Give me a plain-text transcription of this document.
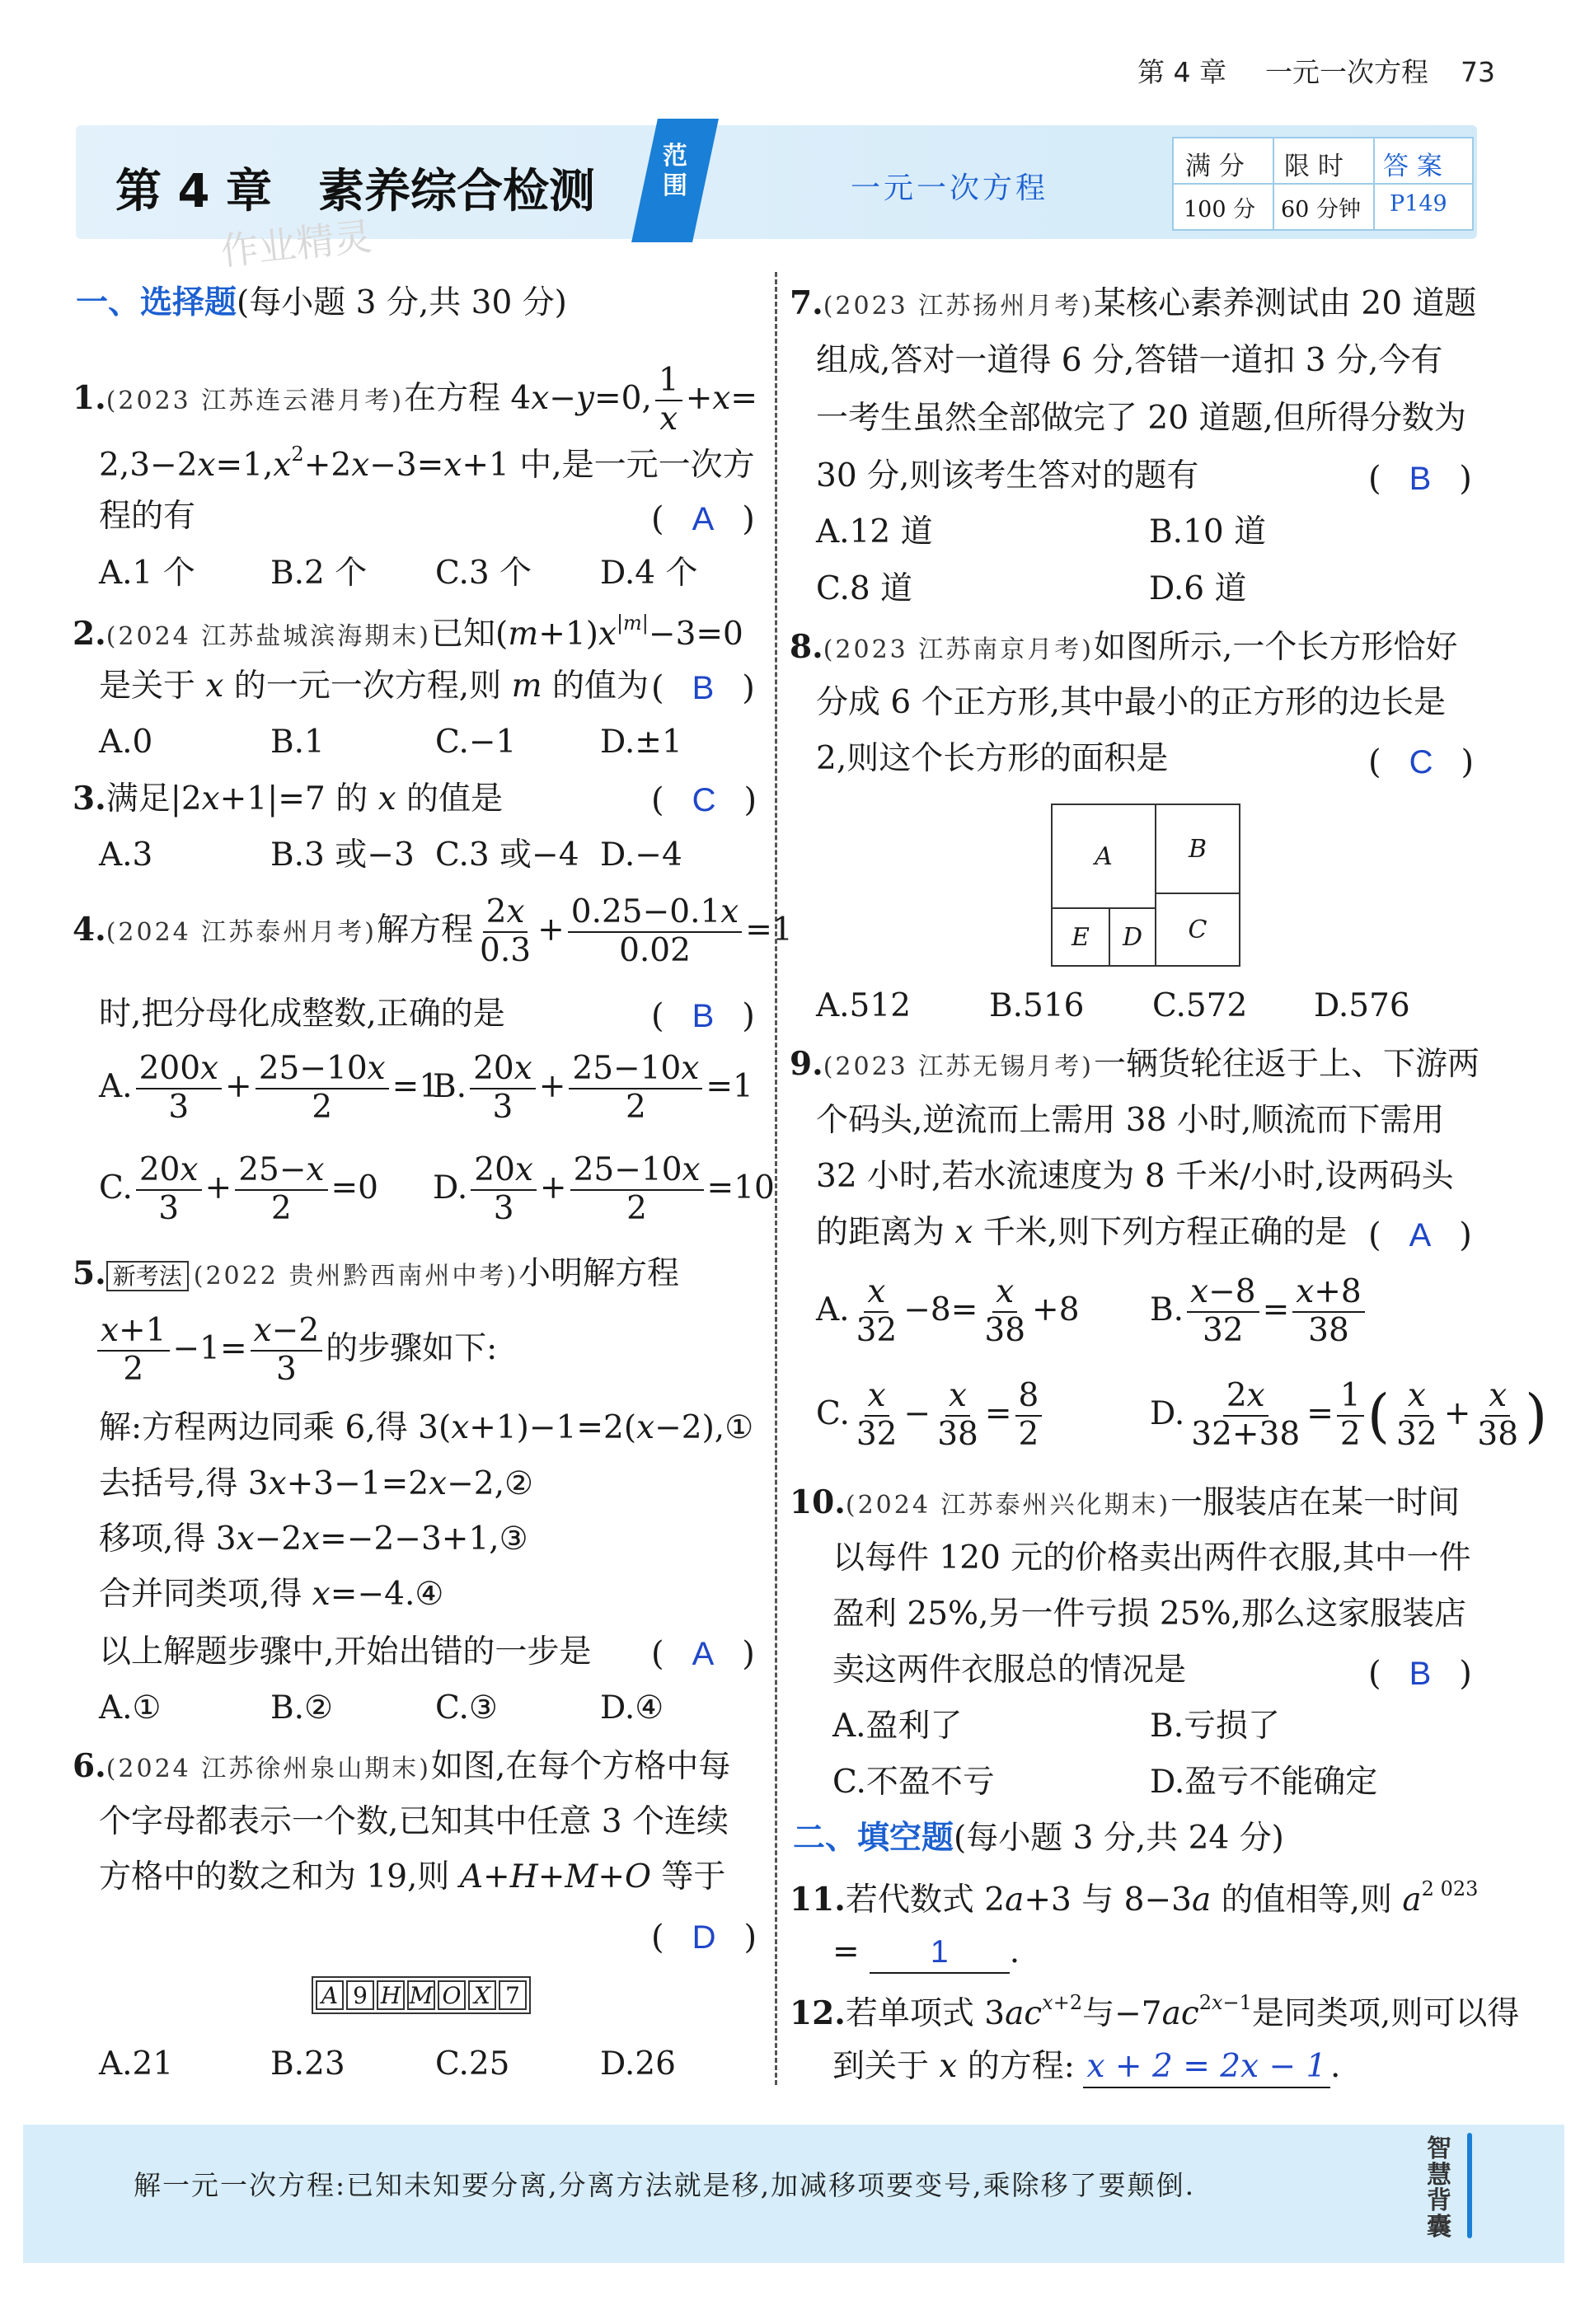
第 4 章 一元一次方程 73
第 4 章　素养综合检测
作业精灵
范围	一元一次方程
满 分 限 时 答 案
100 分 60 分钟 P149
一、选择题(每小题 3 分,共 30 分)
1.(2023 江苏连云港月考)在方程 4x−y=0, $\frac{1}{x} +x=$
$2,3-2x=1,x^2+2x-3=x+1$ 中,是一元一次方
程的有	( A )
A.1 个 B.2 个 C.3 个 D.4 个
2.(2024 江苏盐城滨海期末)已知$(m+1)x^{|m|}-3=0$
是关于 x 的一元一次方程,则 m 的值为 ( B )
A.0	B.1	C.−1	D.±1
3.满足|2x+1|=7 的 x 的值是	( C )
A.3	B.3 或−3 C.3 或−4 D.−4
4.(2024 江苏泰州月考)解方程 $\frac{2x}{0.3} + \frac{0.25-0.1x}{0.02} =1$
时,把分母化成整数,正确的是	( B )
A. $\frac{200x}{3} + \frac{25-10x}{2} =1$
B. $\frac{20x}{3} + \frac{25-10x}{2} =1$
C. $\frac{20x}{3} + \frac{25-x}{2} =0$ D. $\frac{20x}{3} + \frac{25-10x}{2} =10$
5. 新考法 (2022 贵州黔西南州中考)小明解方程
$\frac{x+1}{2} -1= \frac{x-2}{3}$ 的步骤如下:
解:方程两边同乘 6,得 3(x+1)−1=2(x−2),①
去括号,得 3x+3−1=2x−2,②
移项,得 3x−2x=−2−3+1,③
合并同类项,得 x=−4.④
以上解题步骤中,开始出错的一步是 ( A )
A.①	B.②	C.③	D.④
6.(2024 江苏徐州泉山期末)如图,在每个方格中每
个字母都表示一个数,已知其中任意 3 个连续
方格中的数之和为 19,则 A+H+M+O 等于
( D )
A 9 H M O X 7
A.21	B.23	C.25	D.26
7.(2023 江苏扬州月考)某核心素养测试由 20 道题
组成,答对一道得 6 分,答错一道扣 3 分,今有
一考生虽然全部做完了 20 道题,但所得分数为
30 分,则该考生答对的题有	( B )
A.12 道	B.10 道
C.8 道	D.6 道
8.(2023 江苏南京月考)如图所示,一个长方形恰好
分成 6 个正方形,其中最小的正方形的边长是
2,则这个长方形的面积是	( C )
A	B
E	D	C
A.512 B.516 C.572 D.576
9.(2023 江苏无锡月考)一辆货轮往返于上、下游两
个码头,逆流而上需用 38 小时,顺流而下需用
32 小时,若水流速度为 8 千米/小时,设两码头
的距离为 x 千米,则下列方程正确的是 ( A )
A. $\frac{x}{32} -8= \frac{x}{38} +8$ B. $\frac{x-8}{32} = \frac{x+8}{38}$
C. $\frac{x}{32} - \frac{x}{38} = \frac{8}{2}$	D. $\frac{2x}{32+38} = \frac{1}{2}$ ( $\frac{x}{32} + \frac{x}{38}$ )
10.(2024 江苏泰州兴化期末)一服装店在某一时间
以每件 120 元的价格卖出两件衣服,其中一件
盈利 25%,另一件亏损 25%,那么这家服装店
卖这两件衣服总的情况是	( B )
A.盈利了	B.亏损了
C.不盈不亏	D.盈亏不能确定
二、填空题(每小题 3 分,共 24 分)
11.若代数式 2a+3 与 8−3a 的值相等,则 $a^{2 023}$
= 1 .
12.若单项式 $3ac^{x+2}$与$-7ac^{2x-1}$是同类项,则可以得
到关于 x 的方程: x + 2 = 2x − 1 .
解一元一次方程:已知未知要分离,分离方法就是移,加减移项要变号,乘除移了要颠倒.
智慧背囊
